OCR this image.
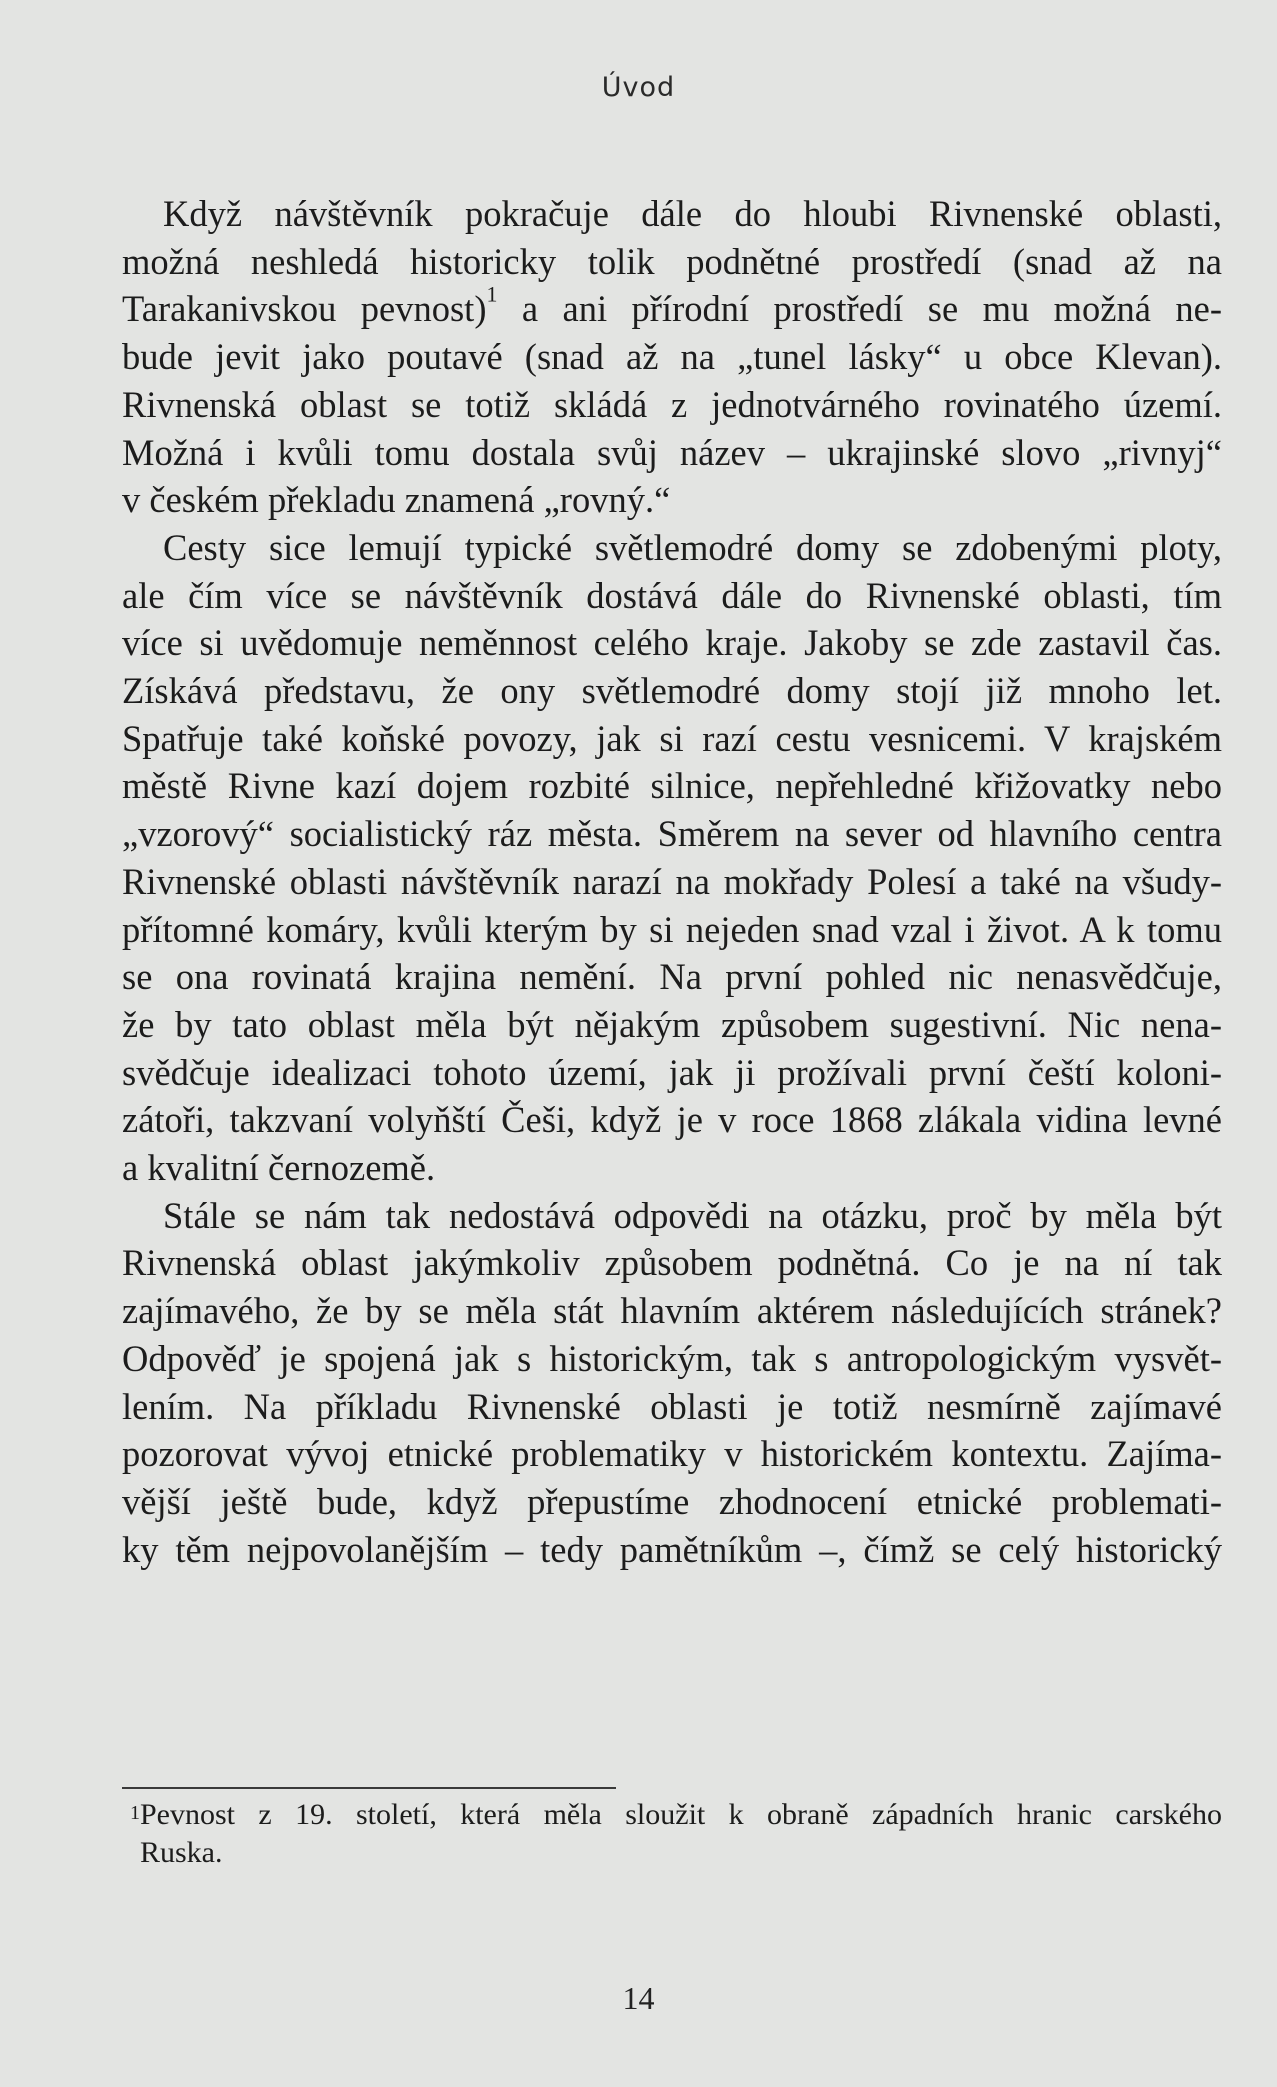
Úvod
Když návštěvník pokračuje dále do hloubi Rivnenské oblasti,
možná neshledá historicky tolik podnětné prostředí (snad až na
Tarakanivskou pevnost)$^1$ a ani přírodní prostředí se mu možná ne-
bude jevit jako poutavé (snad až na „tunel lásky“ u obce Klevan).
Rivnenská oblast se totiž skládá z jednotvárného rovinatého území.
Možná i kvůli tomu dostala svůj název – ukrajinské slovo „rivnyj“
v českém překladu znamená „rovný.“
Cesty sice lemují typické světlemodré domy se zdobenými ploty,
ale čím více se návštěvník dostává dále do Rivnenské oblasti, tím
více si uvědomuje neměnnost celého kraje. Jakoby se zde zastavil čas.
Získává představu, že ony světlemodré domy stojí již mnoho let.
Spatřuje také koňské povozy, jak si razí cestu vesnicemi. V krajském
městě Rivne kazí dojem rozbité silnice, nepřehledné křižovatky nebo
„vzorový“ socialistický ráz města. Směrem na sever od hlavního centra
Rivnenské oblasti návštěvník narazí na mokřady Polesí a také na všudy-
přítomné komáry, kvůli kterým by si nejeden snad vzal i život. A k tomu
se ona rovinatá krajina nemění. Na první pohled nic nenasvědčuje,
že by tato oblast měla být nějakým způsobem sugestivní. Nic nena-
svědčuje idealizaci tohoto území, jak ji prožívali první čeští koloni-
zátoři, takzvaní volyňští Češi, když je v roce 1868 zlákala vidina levné
a kvalitní černozemě.
Stále se nám tak nedostává odpovědi na otázku, proč by měla být
Rivnenská oblast jakýmkoliv způsobem podnětná. Co je na ní tak
zajímavého, že by se měla stát hlavním aktérem následujících stránek?
Odpověď je spojená jak s historickým, tak s antropologickým vysvět-
lením. Na příkladu Rivnenské oblasti je totiž nesmírně zajímavé
pozorovat vývoj etnické problematiky v historickém kontextu. Zajíma-
vější ještě bude, když přepustíme zhodnocení etnické problemati-
ky těm nejpovolanějším – tedy pamětníkům –, čímž se celý historický
1 Pevnost z 19. století, která měla sloužit k obraně západních hranic carského
Ruska.
14
